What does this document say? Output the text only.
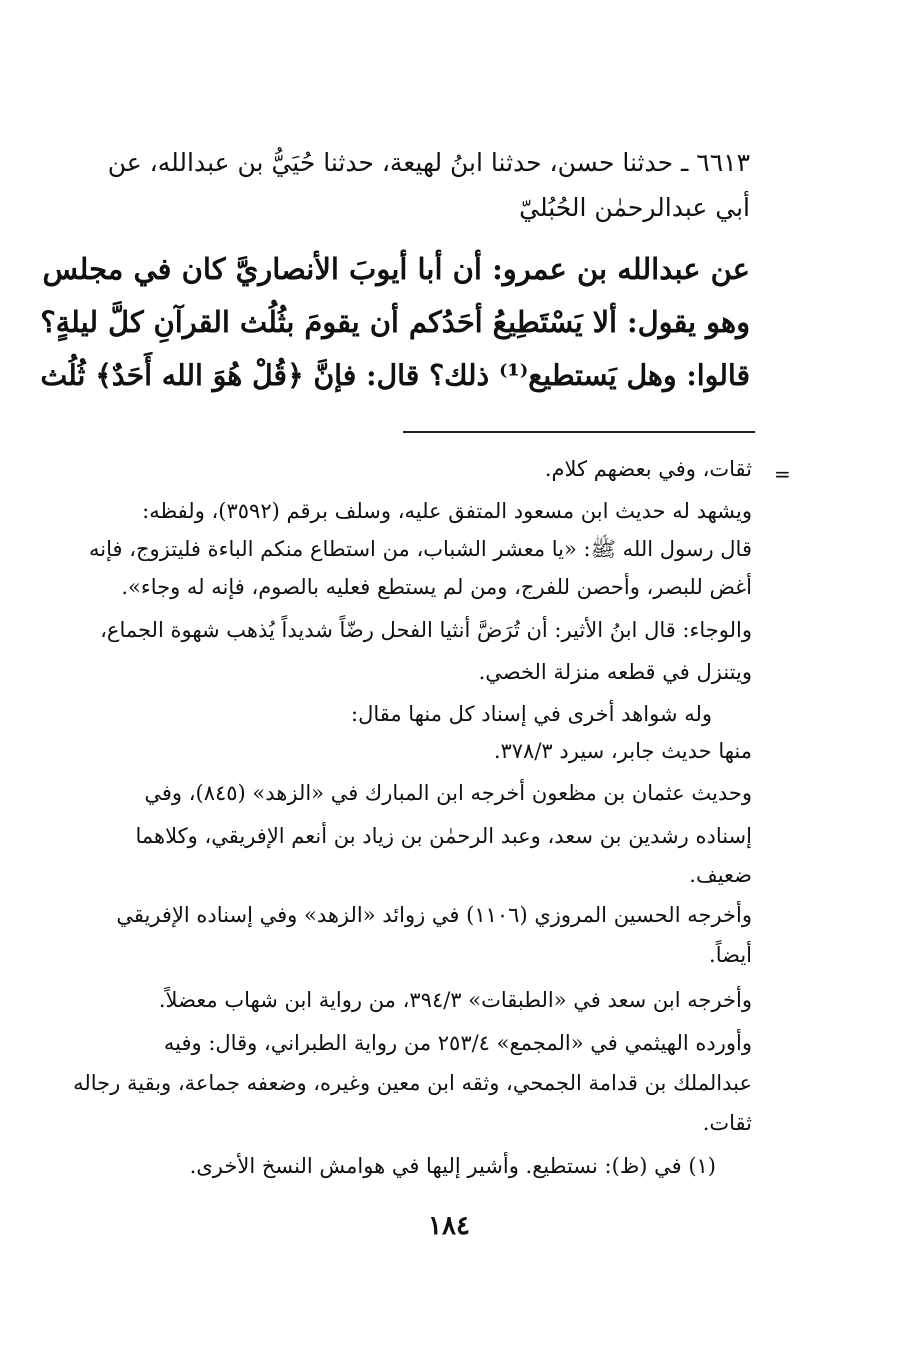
٦٦١٣ ـ حدثنا حسن، حدثنا ابنُ لهيعة، حدثنا حُيَيُّ بن عبدالله، عن
أبي عبدالرحمٰن الحُبُليّ
عن عبدالله بن عمرو: أن أبا أيوبَ الأنصاريَّ كان في مجلس
وهو يقول: ألا يَسْتَطِيعُ أحَدُكم أن يقومَ بثُلُث القرآنِ كلَّ ليلةٍ؟
قالوا: وهل يَستطيع⁽¹⁾ ذلك؟ قال: فإنَّ ﴿قُلْ هُوَ الله أَحَدٌ﴾ ثُلُث
=
ثقات، وفي بعضهم كلام.
ويشهد له حديث ابن مسعود المتفق عليه، وسلف برقم (٣٥٩٢)، ولفظه:
قال رسول الله ﷺ: «يا معشر الشباب، من استطاع منكم الباءة فليتزوج، فإنه
أغض للبصر، وأحصن للفرج، ومن لم يستطع فعليه بالصوم، فإنه له وجاء».
والوجاء: قال ابنُ الأثير: أن تُرَضَّ أنثيا الفحل رضّاً شديداً يُذهب شهوة الجماع،
ويتنزل في قطعه منزلة الخصي.
وله شواهد أخرى في إسناد كل منها مقال:
منها حديث جابر، سيرد ٣٧٨/٣.
وحديث عثمان بن مظعون أخرجه ابن المبارك في «الزهد» (٨٤٥)، وفي
إسناده رشدين بن سعد، وعبد الرحمٰن بن زياد بن أنعم الإفريقي، وكلاهما
ضعيف.
وأخرجه الحسين المروزي (١١٠٦) في زوائد «الزهد» وفي إسناده الإفريقي
أيضاً.
وأخرجه ابن سعد في «الطبقات» ٣٩٤/٣، من رواية ابن شهاب معضلاً.
وأورده الهيثمي في «المجمع» ٢٥٣/٤ من رواية الطبراني، وقال: وفيه
عبدالملك بن قدامة الجمحي، وثقه ابن معين وغيره، وضعفه جماعة، وبقية رجاله
ثقات.
(١) في (ظ): نستطيع. وأشير إليها في هوامش النسخ الأخرى.
١٨٤
